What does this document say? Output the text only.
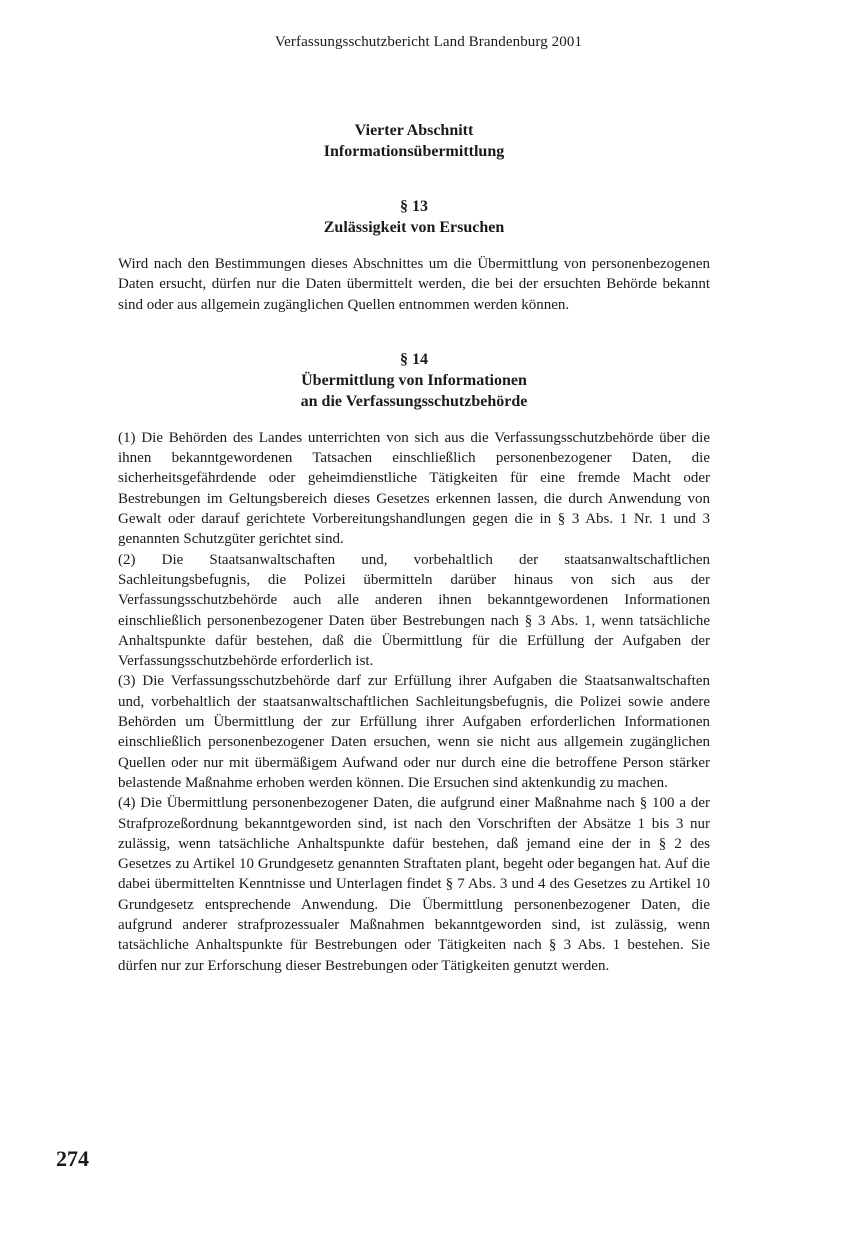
Verfassungsschutzbericht Land Brandenburg 2001

Vierter Abschnitt

Informationsübermittlung

§ 13

Zulässigkeit von Ersuchen

Wird nach den Bestimmungen dieses Abschnittes um die Übermittlung von personenbezogenen Daten ersucht, dürfen nur die Daten übermittelt werden, die bei der ersuchten Behörde bekannt sind oder aus allgemein zugänglichen Quellen entnommen werden können.

§ 14

Übermittlung von Informationen

an die Verfassungsschutzbehörde

(1) Die Behörden des Landes unterrichten von sich aus die Verfassungsschutzbehörde über die ihnen bekanntgewordenen Tatsachen einschließlich personenbezogener Daten, die sicherheitsgefährdende oder geheimdienstliche Tätigkeiten für eine fremde Macht oder Bestrebungen im Geltungsbereich dieses Gesetzes erkennen lassen, die durch Anwendung von Gewalt oder darauf gerichtete Vorbereitungshandlungen gegen die in § 3 Abs. 1 Nr. 1 und 3 genannten Schutzgüter gerichtet sind.

(2) Die Staatsanwaltschaften und, vorbehaltlich der staatsanwaltschaftlichen Sachleitungsbefugnis, die Polizei übermitteln darüber hinaus von sich aus der Verfassungsschutzbehörde auch alle anderen ihnen bekanntgewordenen Informationen einschließlich personenbezogener Daten über Bestrebungen nach § 3 Abs. 1, wenn tatsächliche Anhaltspunkte dafür bestehen, daß die Übermittlung für die Erfüllung der Aufgaben der Verfassungsschutzbehörde erforderlich ist.

(3) Die Verfassungsschutzbehörde darf zur Erfüllung ihrer Aufgaben die Staatsanwaltschaften und, vorbehaltlich der staatsanwaltschaftlichen Sachleitungsbefugnis, die Polizei sowie andere Behörden um Übermittlung der zur Erfüllung ihrer Aufgaben erforderlichen Informationen einschließlich personenbezogener Daten ersuchen, wenn sie nicht aus allgemein zugänglichen Quellen oder nur mit übermäßigem Aufwand oder nur durch eine die betroffene Person stärker belastende Maßnahme erhoben werden können. Die Ersuchen sind aktenkundig zu machen.

(4) Die Übermittlung personenbezogener Daten, die aufgrund einer Maßnahme nach § 100 a der Strafprozeßordnung bekanntgeworden sind, ist nach den Vorschriften der Absätze 1 bis 3 nur zulässig, wenn tatsächliche Anhaltspunkte dafür bestehen, daß jemand eine der in § 2 des Gesetzes zu Artikel 10 Grundgesetz genannten Straftaten plant, begeht oder begangen hat. Auf die dabei übermittelten Kenntnisse und Unterlagen findet § 7 Abs. 3 und 4 des Gesetzes zu Artikel 10 Grundgesetz entsprechende Anwendung. Die Übermittlung personenbezogener Daten, die aufgrund anderer strafprozessualer Maßnahmen bekanntgeworden sind, ist zulässig, wenn tatsächliche Anhaltspunkte für Bestrebungen oder Tätigkeiten nach § 3 Abs. 1 bestehen. Sie dürfen nur zur Erforschung dieser Bestrebungen oder Tätigkeiten genutzt werden.

274
